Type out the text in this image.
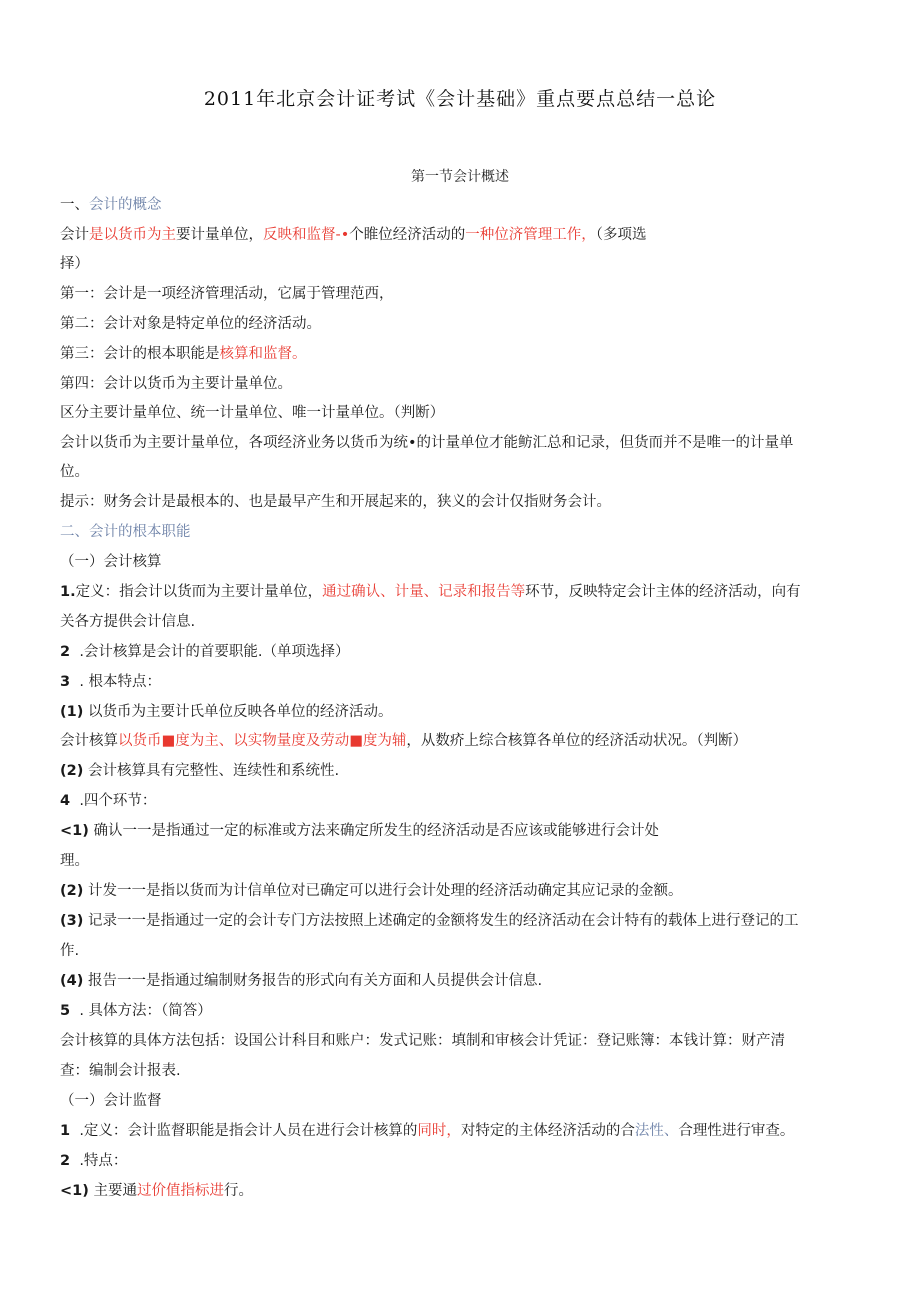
2011年北京会计证考试《会计基础》重点要点总结一总论
第一节会计概述
一、会计的概念
会计是以货币为主要计量单位，反映和监督-•个睢位经济活动的一种位济管理工作，（多项选
择）
第一：会计是一项经济管理活动，它属于管理范西，
第二：会计对象是特定单位的经济活动。
第三：会计的根本职能是核算和监督。
第四：会计以货币为主要计量单位。
区分主要计量单位、统一计量单位、唯一计量单位。（判断）
会计以货币为主要计量单位，各项经济业务以货币为统•的计量单位才能鲂汇总和记录，但货而并不是唯一的计量单
位。
提示：财务会计是最根本的、也是最早产生和开展起来的，狭义的会计仅指财务会计。
二、会计的根本职能
（一）会计核算
1.定义：指会计以货而为主要计量单位，通过确认、计量、记录和报告等环节，反映特定会计主体的经济活动，向有
关各方提供会计信息.
2 .会计核算是会计的首要职能.（单项选择）
3 . 根本特点：
(1) 以货币为主要计氏单位反映各单位的经济活动。
会计核算以货币■度为主、以实物量度及劳动■度为辅，从数疥上综合核算各单位的经济活动状况。（判断）
(2) 会计核算具有完整性、连续性和系统性.
4 .四个环节：
<1) 确认一一是指通过一定的标准或方法来确定所发生的经济活动是否应该或能够进行会计处
理。
(2) 计发一一是指以货而为计信单位对已确定可以进行会计处理的经济活动确定其应记录的金额。
(3) 记录一一是指通过一定的会计专门方法按照上述确定的金额将发生的经济活动在会计特有的载体上进行登记的工
作.
(4) 报告一一是指通过编制财务报告的形式向有关方面和人员提供会计信息.
5 . 具体方法：（简答）
会计核算的具体方法包括：设国公计科目和账户：发式记账：填制和审核会计凭证：登记账簿：本钱计算：财产清
查：编制会计报表.
（一）会计监督
1 .定义：会计监督职能是指会计人员在进行会计核算的同时，对特定的主体经济活动的合法性、合理性进行审查。
2 .特点：
<1) 主要通过价值指标进行。
